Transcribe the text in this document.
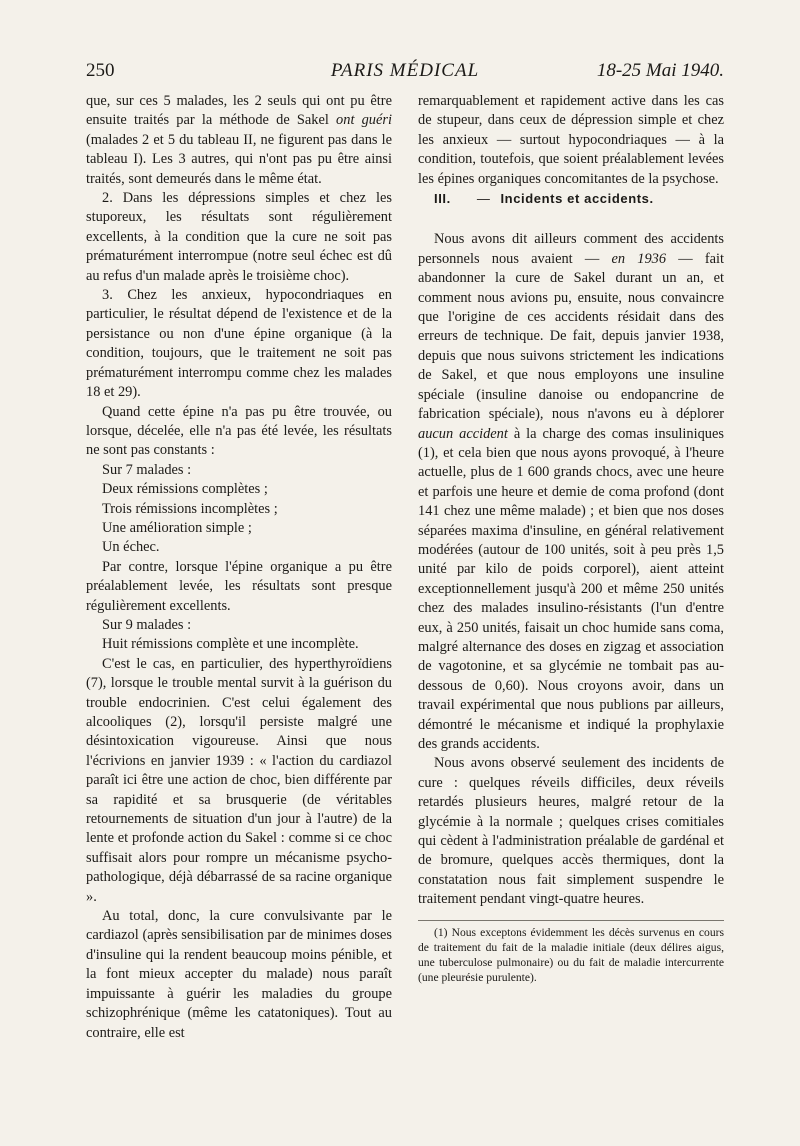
250	PARIS MÉDICAL	18-25 Mai 1940.

que, sur ces 5 malades, les 2 seuls qui ont pu être ensuite traités par la méthode de Sakel ont guéri (malades 2 et 5 du tableau II, ne figurent pas dans le tableau I). Les 3 autres, qui n'ont pas pu être ainsi traités, sont demeurés dans le même état.

2. Dans les dépressions simples et chez les stuporeux, les résultats sont régulièrement excellents, à la condition que la cure ne soit pas prématurément interrompue (notre seul échec est dû au refus d'un malade après le troisième choc).

3. Chez les anxieux, hypocondriaques en particulier, le résultat dépend de l'existence et de la persistance ou non d'une épine organique (à la condition, toujours, que le traitement ne soit pas prématurément interrompu comme chez les malades 18 et 29).

Quand cette épine n'a pas pu être trouvée, ou lorsque, décelée, elle n'a pas été levée, les résultats ne sont pas constants :

Sur 7 malades :

Deux rémissions complètes ;

Trois rémissions incomplètes ;

Une amélioration simple ;

Un échec.

Par contre, lorsque l'épine organique a pu être préalablement levée, les résultats sont presque régulièrement excellents.

Sur 9 malades :

Huit rémissions complète et une incomplète.

C'est le cas, en particulier, des hyperthyroïdiens (7), lorsque le trouble mental survit à la guérison du trouble endocrinien. C'est celui également des alcooliques (2), lorsqu'il persiste malgré une désintoxication vigoureuse. Ainsi que nous l'écrivions en janvier 1939 : « l'action du cardiazol paraît ici être une action de choc, bien différente par sa rapidité et sa brusquerie (de véritables retournements de situation d'un jour à l'autre) de la lente et profonde action du Sakel : comme si ce choc suffisait alors pour rompre un mécanisme psycho-pathologique, déjà débarrassé de sa racine organique ».

Au total, donc, la cure convulsivante par le cardiazol (après sensibilisation par de minimes doses d'insuline qui la rendent beaucoup moins pénible, et la font mieux accepter du malade) nous paraît impuissante à guérir les maladies du groupe schizophrénique (même les catatoniques). Tout au contraire, elle est

remarquablement et rapidement active dans les cas de stupeur, dans ceux de dépression simple et chez les anxieux — surtout hypocondriaques — à la condition, toutefois, que soient préalablement levées les épines organiques concomitantes de la psychose.

III. — Incidents et accidents.

Nous avons dit ailleurs comment des accidents personnels nous avaient — en 1936 — fait abandonner la cure de Sakel durant un an, et comment nous avions pu, ensuite, nous convaincre que l'origine de ces accidents résidait dans des erreurs de technique. De fait, depuis janvier 1938, depuis que nous suivons strictement les indications de Sakel, et que nous employons une insuline spéciale (insuline danoise ou endopancrine de fabrication spéciale), nous n'avons eu à déplorer aucun accident à la charge des comas insuliniques (1), et cela bien que nous ayons provoqué, à l'heure actuelle, plus de 1 600 grands chocs, avec une heure et parfois une heure et demie de coma profond (dont 141 chez une même malade) ; et bien que nos doses séparées maxima d'insuline, en général relativement modérées (autour de 100 unités, soit à peu près 1,5 unité par kilo de poids corporel), aient atteint exceptionnellement jusqu'à 200 et même 250 unités chez des malades insulino-résistants (l'un d'entre eux, à 250 unités, faisait un choc humide sans coma, malgré alternance des doses en zigzag et association de vagotonine, et sa glycémie ne tombait pas au-dessous de 0,60). Nous croyons avoir, dans un travail expérimental que nous publions par ailleurs, démontré le mécanisme et indiqué la prophylaxie des grands accidents.

Nous avons observé seulement des incidents de cure : quelques réveils difficiles, deux réveils retardés plusieurs heures, malgré retour de la glycémie à la normale ; quelques crises comitiales qui cèdent à l'administration préalable de gardénal et de bromure, quelques accès thermiques, dont la constatation nous fait simplement suspendre le traitement pendant vingt-quatre heures.

(1) Nous exceptons évidemment les décès survenus en cours de traitement du fait de la maladie initiale (deux délires aigus, une tuberculose pulmonaire) ou du fait de maladie intercurrente (une pleurésie purulente).
